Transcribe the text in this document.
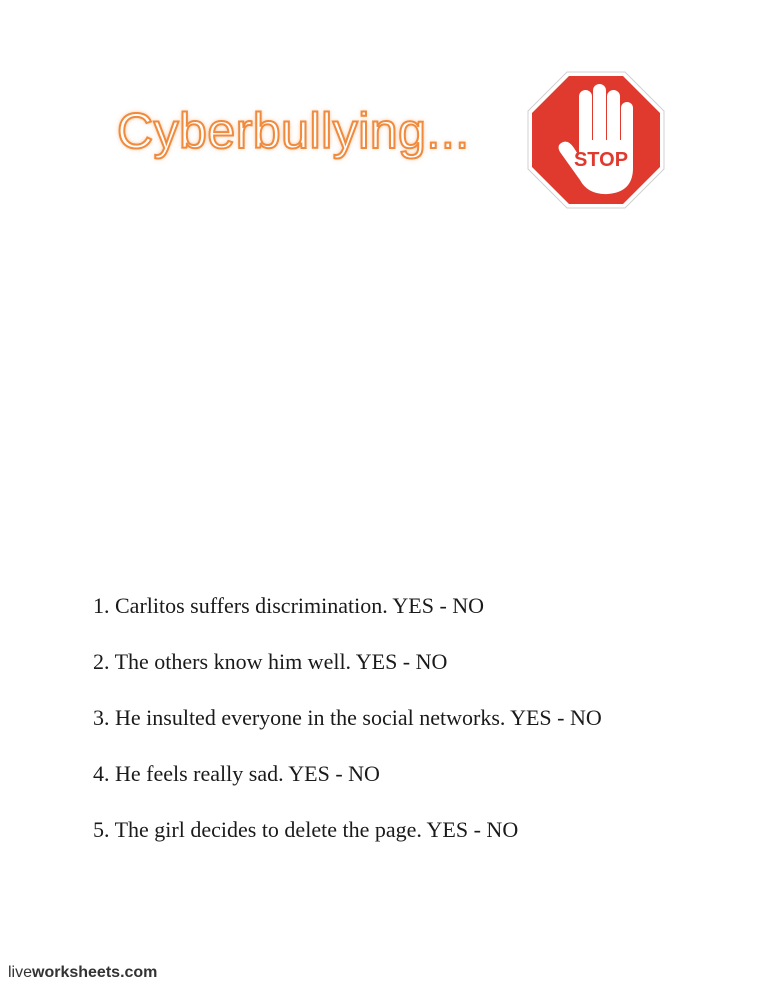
Cyberbullying...
STOP
1. Carlitos suffers discrimination. YES - NO
2. The others know him well. YES - NO
3. He insulted everyone in the social networks. YES - NO
4. He feels really sad. YES - NO
5. The girl decides to delete the page. YES - NO
liveworksheets.com
